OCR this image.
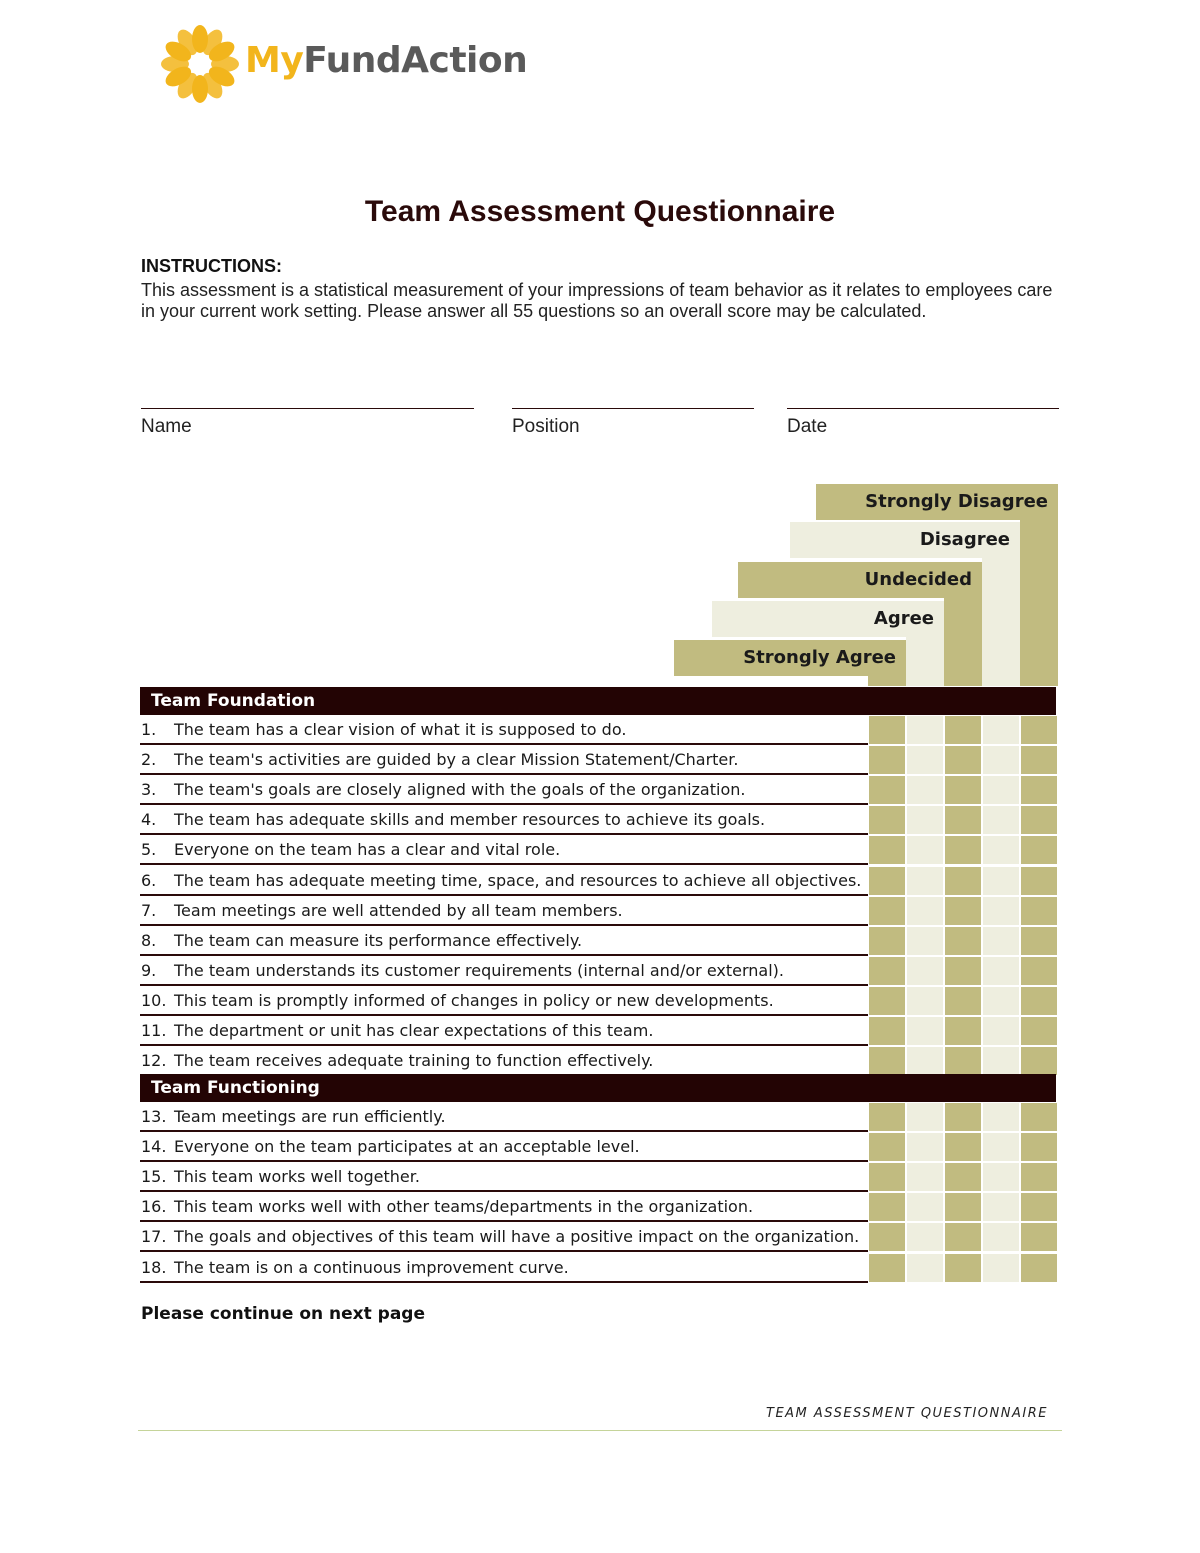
MyFundAction
Team Assessment Questionnaire
INSTRUCTIONS:
This assessment is a statistical measurement of your impressions of team behavior as it relates to employees care in your current work setting. Please answer all 55 questions so an overall score may be calculated.
Name	Position	Date
Strongly Disagree
Disagree
Undecided
Agree
Strongly Agree
Team Foundation
1. The team has a clear vision of what it is supposed to do.
2. The team's activities are guided by a clear Mission Statement/Charter.
3. The team's goals are closely aligned with the goals of the organization.
4. The team has adequate skills and member resources to achieve its goals.
5. Everyone on the team has a clear and vital role.
6. The team has adequate meeting time, space, and resources to achieve all objectives.
7. Team meetings are well attended by all team members.
8. The team can measure its performance effectively.
9. The team understands its customer requirements (internal and/or external).
10. This team is promptly informed of changes in policy or new developments.
11. The department or unit has clear expectations of this team.
12. The team receives adequate training to function effectively.
Team Functioning
13. Team meetings are run efficiently.
14. Everyone on the team participates at an acceptable level.
15. This team works well together.
16. This team works well with other teams/departments in the organization.
17. The goals and objectives of this team will have a positive impact on the organization.
18. The team is on a continuous improvement curve.
Please continue on next page
TEAM ASSESSMENT QUESTIONNAIRE
